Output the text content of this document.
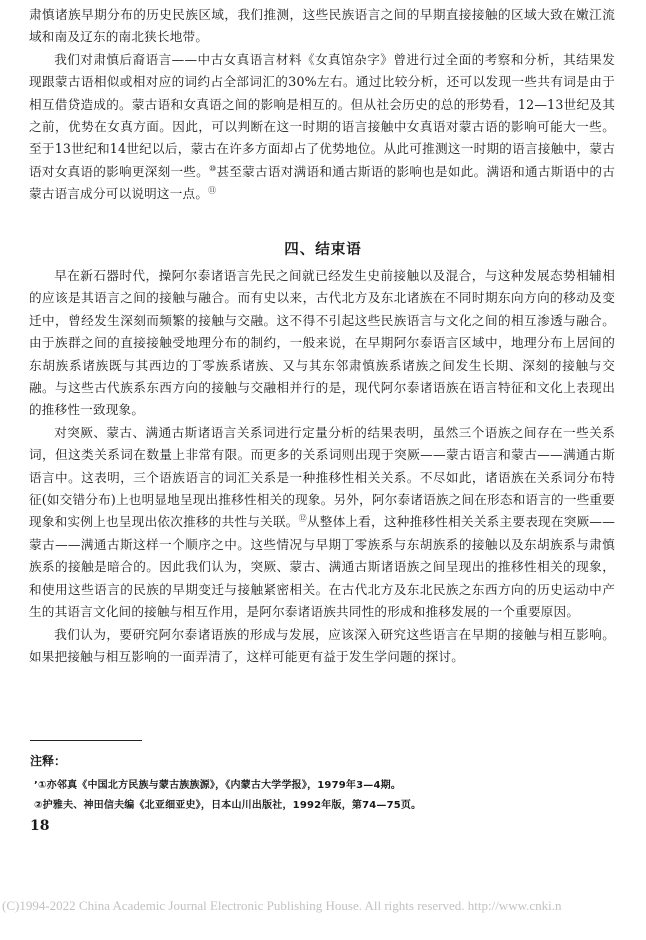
肃慎诸族早期分布的历史民族区域，我们推测，这些民族语言之间的早期直接接触的区域大致在嫩江流域和南及辽东的南北狭长地带。

我们对肃慎后裔语言——中古女真语言材料《女真馆杂字》曾进行过全面的考察和分析，其结果发现跟蒙古语相似或相对应的词约占全部词汇的30%左右。通过比较分析，还可以发现一些共有词是由于相互借贷造成的。蒙古语和女真语之间的影响是相互的。但从社会历史的总的形势看，12—13世纪及其之前，优势在女真方面。因此，可以判断在这一时期的语言接触中女真语对蒙古语的影响可能大一些。至于13世纪和14世纪以后，蒙古在许多方面却占了优势地位。从此可推测这一时期的语言接触中，蒙古语对女真语的影响更深刻一些。⑩甚至蒙古语对满语和通古斯语的影响也是如此。满语和通古斯语中的古蒙古语言成分可以说明这一点。⑪

四、结束语

早在新石器时代，操阿尔泰诸语言先民之间就已经发生史前接触以及混合，与这种发展态势相辅相的应该是其语言之间的接触与融合。而有史以来，古代北方及东北诸族在不同时期东向方向的移动及变迁中，曾经发生深刻而频繁的接触与交融。这不得不引起这些民族语言与文化之间的相互渗透与融合。由于族群之间的直接接触受地理分布的制约，一般来说，在早期阿尔泰语言区域中，地理分布上居间的东胡族系诸族既与其西边的丁零族系诸族、又与其东邻肃慎族系诸族之间发生长期、深刻的接触与交融。与这些古代族系东西方向的接触与交融相并行的是，现代阿尔泰诸语族在语言特征和文化上表现出的推移性一致现象。

对突厥、蒙古、满通古斯诸语言关系词进行定量分析的结果表明，虽然三个语族之间存在一些关系词，但这类关系词在数量上非常有限。而更多的关系词则出现于突厥——蒙古语言和蒙古——满通古斯语言中。这表明，三个语族语言的词汇关系是一种推移性相关关系。不尽如此，诸语族在关系词分布特征(如交错分布)上也明显地呈现出推移性相关的现象。另外，阿尔泰诸语族之间在形态和语言的一些重要现象和实例上也呈现出依次推移的共性与关联。⑫从整体上看，这种推移性相关关系主要表现在突厥——蒙古——满通古斯这样一个顺序之中。这些情况与早期丁零族系与东胡族系的接触以及东胡族系与肃慎族系的接触是暗合的。因此我们认为，突厥、蒙古、满通古斯诸语族之间呈现出的推移性相关的现象，和使用这些语言的民族的早期变迁与接触紧密相关。在古代北方及东北民族之东西方向的历史运动中产生的其语言文化间的接触与相互作用，是阿尔泰诸语族共同性的形成和推移发展的一个重要原因。

我们认为，要研究阿尔泰诸语族的形成与发展，应该深入研究这些语言在早期的接触与相互影响。如果把接触与相互影响的一面弄清了，这样可能更有益于发生学问题的探讨。

注释：
’①亦邻真《中国北方民族与蒙古族族源》，《内蒙古大学学报》，1979年3—4期。
②护雅夫、神田信夫编《北亚细亚史》，日本山川出版社，1992年版，第74—75页。
18
(C)1994-2022 China Academic Journal Electronic Publishing House. All rights reserved. http://www.cnki.n
